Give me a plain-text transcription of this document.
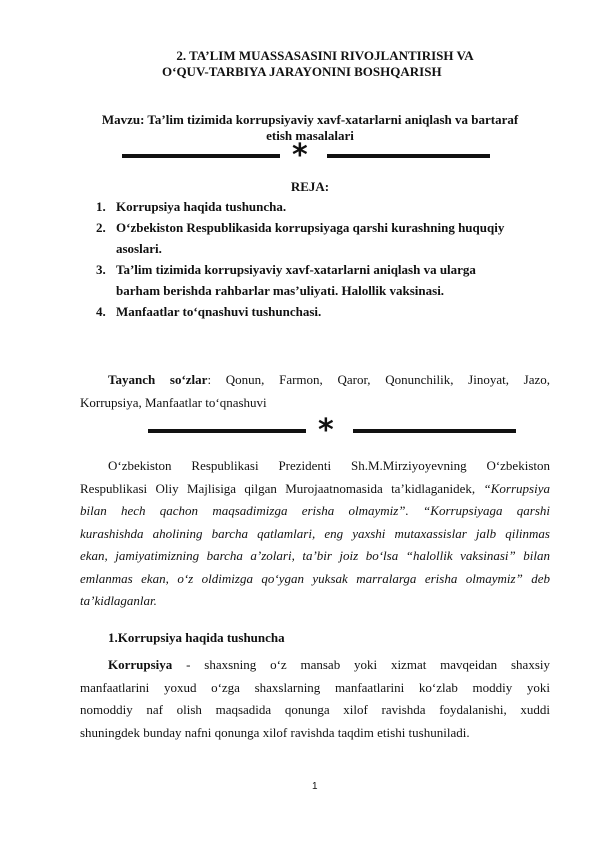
2. TA’LIM MUASSASASINI RIVOJLANTIRISH VA
O‘QUV-TARBIYA JARAYONINI BOSHQARISH
Mavzu: Ta’lim tizimida korrupsiyaviy xavf-xatarlarni aniqlash va bartaraf
etish masalalari
*
REJA:
1. Korrupsiya haqida tushuncha.
2. O‘zbekiston Respublikasida korrupsiyaga qarshi kurashning huquqiy
asoslari.
3. Ta’lim tizimida korrupsiyaviy xavf-xatarlarni aniqlash va ularga
barham berishda rahbarlar mas’uliyati. Halollik vaksinasi.
4. Manfaatlar to‘qnashuvi tushunchasi.
Tayanch so‘zlar: Qonun, Farmon, Qaror, Qonunchilik, Jinoyat, Jazo,
Korrupsiya, Manfaatlar to‘qnashuvi
*
O‘zbekiston Respublikasi Prezidenti Sh.M.Mirziyoyevning O‘zbekiston
Respublikasi Oliy Majlisiga qilgan Murojaatnomasida ta’kidlaganidek, “Korrupsiya
bilan hech qachon maqsadimizga erisha olmaymiz”. “Korrupsiyaga qarshi
kurashishda aholining barcha qatlamlari, eng yaxshi mutaxassislar jalb qilinmas
ekan, jamiyatimizning barcha a’zolari, ta’bir joiz bo‘lsa “halollik vaksinasi” bilan
emlanmas ekan, o‘z oldimizga qo‘ygan yuksak marralarga erisha olmaymiz” deb
ta’kidlaganlar.
1.Korrupsiya haqida tushuncha
Korrupsiya - shaxsning o‘z mansab yoki xizmat mavqeidan shaxsiy
manfaatlarini yoxud o‘zga shaxslarning manfaatlarini ko‘zlab moddiy yoki
nomoddiy naf olish maqsadida qonunga xilof ravishda foydalanishi, xuddi
shuningdek bunday nafni qonunga xilof ravishda taqdim etishi tushuniladi.
1
